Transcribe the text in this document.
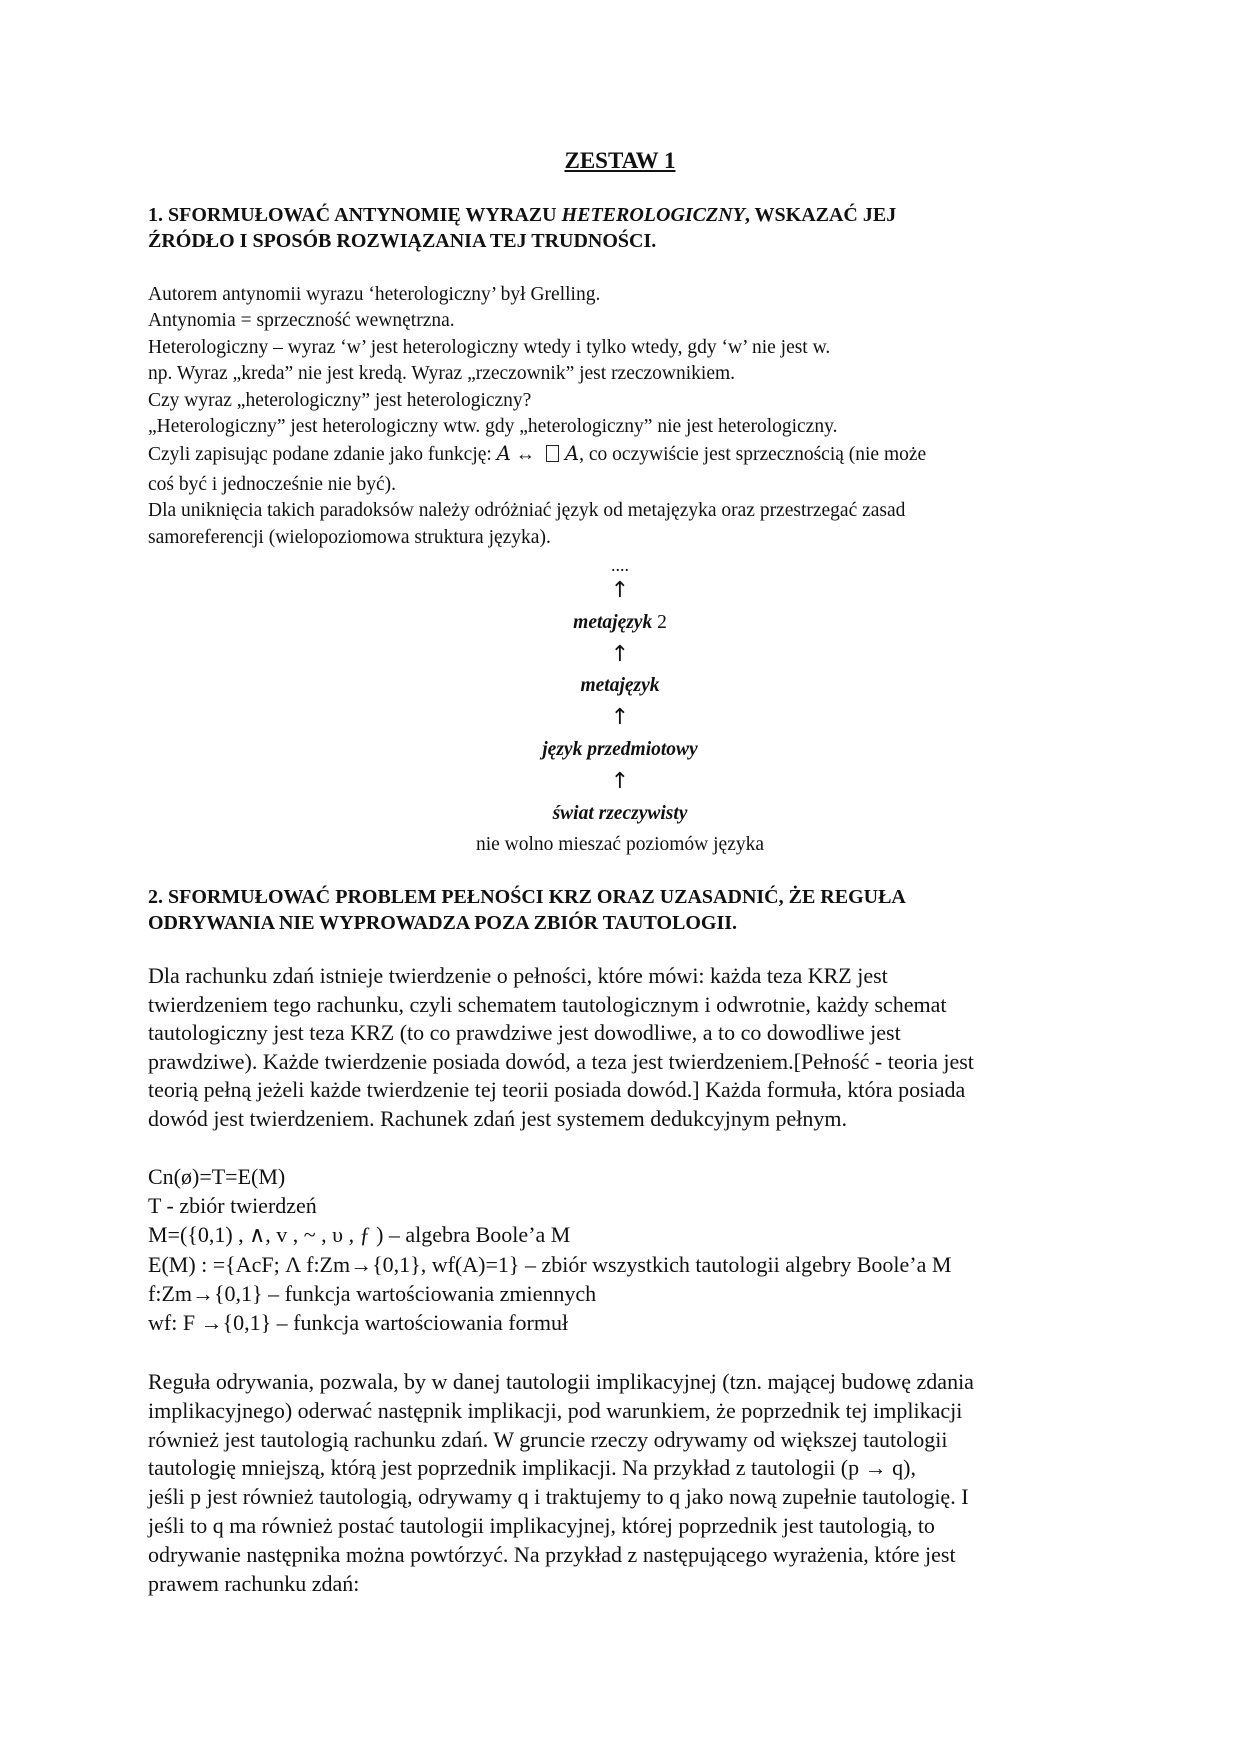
ZESTAW 1
1. SFORMUŁOWAĆ ANTYNOMIĘ WYRAZU HETEROLOGICZNY, WSKAZAĆ JEJ
ŹRÓDŁO I SPOSÓB ROZWIĄZANIA TEJ TRUDNOŚCI.
Autorem antynomii wyrazu ‘heterologiczny’ był Grelling.
Antynomia = sprzeczność wewnętrzna.
Heterologiczny – wyraz ‘w’ jest heterologiczny wtedy i tylko wtedy, gdy ‘w’ nie jest w.
np. Wyraz „kreda” nie jest kredą. Wyraz „rzeczownik” jest rzeczownikiem.
Czy wyraz „heterologiczny” jest heterologiczny?
„Heterologiczny” jest heterologiczny wtw. gdy „heterologiczny” nie jest heterologiczny.
Czyli zapisując podane zdanie jako funkcję: A ↔ A, co oczywiście jest sprzecznością (nie może
coś być i jednocześnie nie być).
Dla uniknięcia takich paradoksów należy odróżniać język od metajęzyka oraz przestrzegać zasad
samoreferencji (wielopoziomowa struktura języka).
....
↑
metajęzyk 2
↑
metajęzyk
↑
język przedmiotowy
↑
świat rzeczywisty
nie wolno mieszać poziomów języka
2. SFORMUŁOWAĆ PROBLEM PEŁNOŚCI KRZ ORAZ UZASADNIĆ, ŻE REGUŁA
ODRYWANIA NIE WYPROWADZA POZA ZBIÓR TAUTOLOGII.
Dla rachunku zdań istnieje twierdzenie o pełności, które mówi: każda teza KRZ jest
twierdzeniem tego rachunku, czyli schematem tautologicznym i odwrotnie, każdy schemat
tautologiczny jest teza KRZ (to co prawdziwe jest dowodliwe, a to co dowodliwe jest
prawdziwe). Każde twierdzenie posiada dowód, a teza jest twierdzeniem.[Pełność - teoria jest
teorią pełną jeżeli każde twierdzenie tej teorii posiada dowód.] Każda formuła, która posiada
dowód jest twierdzeniem. Rachunek zdań jest systemem dedukcyjnym pełnym.
Cn(ø)=T=E(M)
T - zbiór twierdzeń
M=({0,1) , ∧, v , ~ , υ , ƒ ) – algebra Boole’a M
E(M) : ={AcF; Λ f:Zm→{0,1}, wf(A)=1} – zbiór wszystkich tautologii algebry Boole’a M
f:Zm→{0,1} – funkcja wartościowania zmiennych
wf: F →{0,1} – funkcja wartościowania formuł
Reguła odrywania, pozwala, by w danej tautologii implikacyjnej (tzn. mającej budowę zdania
implikacyjnego) oderwać następnik implikacji, pod warunkiem, że poprzednik tej implikacji
również jest tautologią rachunku zdań. W gruncie rzeczy odrywamy od większej tautologii
tautologię mniejszą, którą jest poprzednik implikacji. Na przykład z tautologii (p → q),
jeśli p jest również tautologią, odrywamy q i traktujemy to q jako nową zupełnie tautologię. I
jeśli to q ma również postać tautologii implikacyjnej, której poprzednik jest tautologią, to
odrywanie następnika można powtórzyć. Na przykład z następującego wyrażenia, które jest
prawem rachunku zdań:
